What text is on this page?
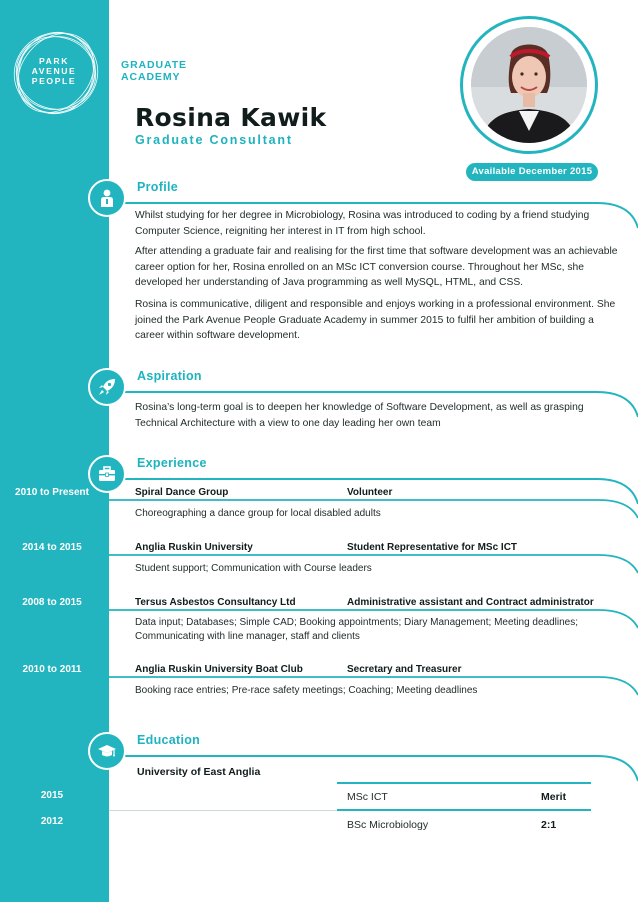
PARK
AVENUE
PEOPLE
GRADUATE
ACADEMY
Rosina Kawik
Graduate Consultant
Available December 2015
Profile
Whilst studying for her degree in Microbiology, Rosina was introduced to coding by a friend studying Computer Science, reigniting her interest in IT from high school.
After attending a graduate fair and realising for the first time that software development was an achievable career option for her, Rosina enrolled on an MSc ICT conversion course. Throughout her MSc, she developed her understanding of Java programming as well MySQL, HTML, and CSS.
Rosina is communicative, diligent and responsible and enjoys working in a professional environment. She joined the Park Avenue People Graduate Academy in summer 2015 to fulfil her ambition of building a career within software development.
Aspiration
Rosina’s long-term goal is to deepen her knowledge of Software Development, as well as grasping Technical Architecture with a view to one day leading her own team
Experience
2010 to Present	Spiral Dance Group	Volunteer
Choreographing a dance group for local disabled adults
2014 to 2015	Anglia Ruskin University	Student Representative for MSc ICT
Student support; Communication with Course leaders
2008 to 2015	Tersus Asbestos Consultancy Ltd	Administrative assistant and Contract administrator
Data input; Databases; Simple CAD; Booking appointments; Diary Management; Meeting deadlines; Communicating with line manager, staff and clients
2010 to 2011	Anglia Ruskin University Boat Club	Secretary and Treasurer
Booking race entries; Pre-race safety meetings; Coaching; Meeting deadlines
Education
University of East Anglia
2015	MSc ICT	Merit
2012	BSc Microbiology	2:1
